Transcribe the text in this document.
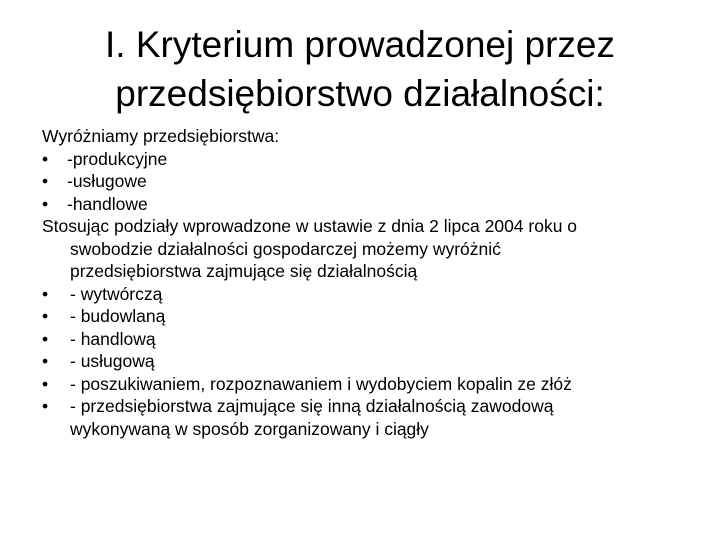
I. Kryterium prowadzonej przez
przedsiębiorstwo działalności:
Wyróżniamy przedsiębiorstwa:
• -produkcyjne
• -usługowe
• -handlowe
Stosując podziały wprowadzone w ustawie z dnia 2 lipca 2004 roku o
swobodzie działalności gospodarczej możemy wyróżnić
przedsiębiorstwa zajmujące się działalnością
• - wytwórczą
• - budowlaną
• - handlową
• - usługową
• - poszukiwaniem, rozpoznawaniem i wydobyciem kopalin ze złóż
• - przedsiębiorstwa zajmujące się inną działalnością zawodową
wykonywaną w sposób zorganizowany i ciągły
